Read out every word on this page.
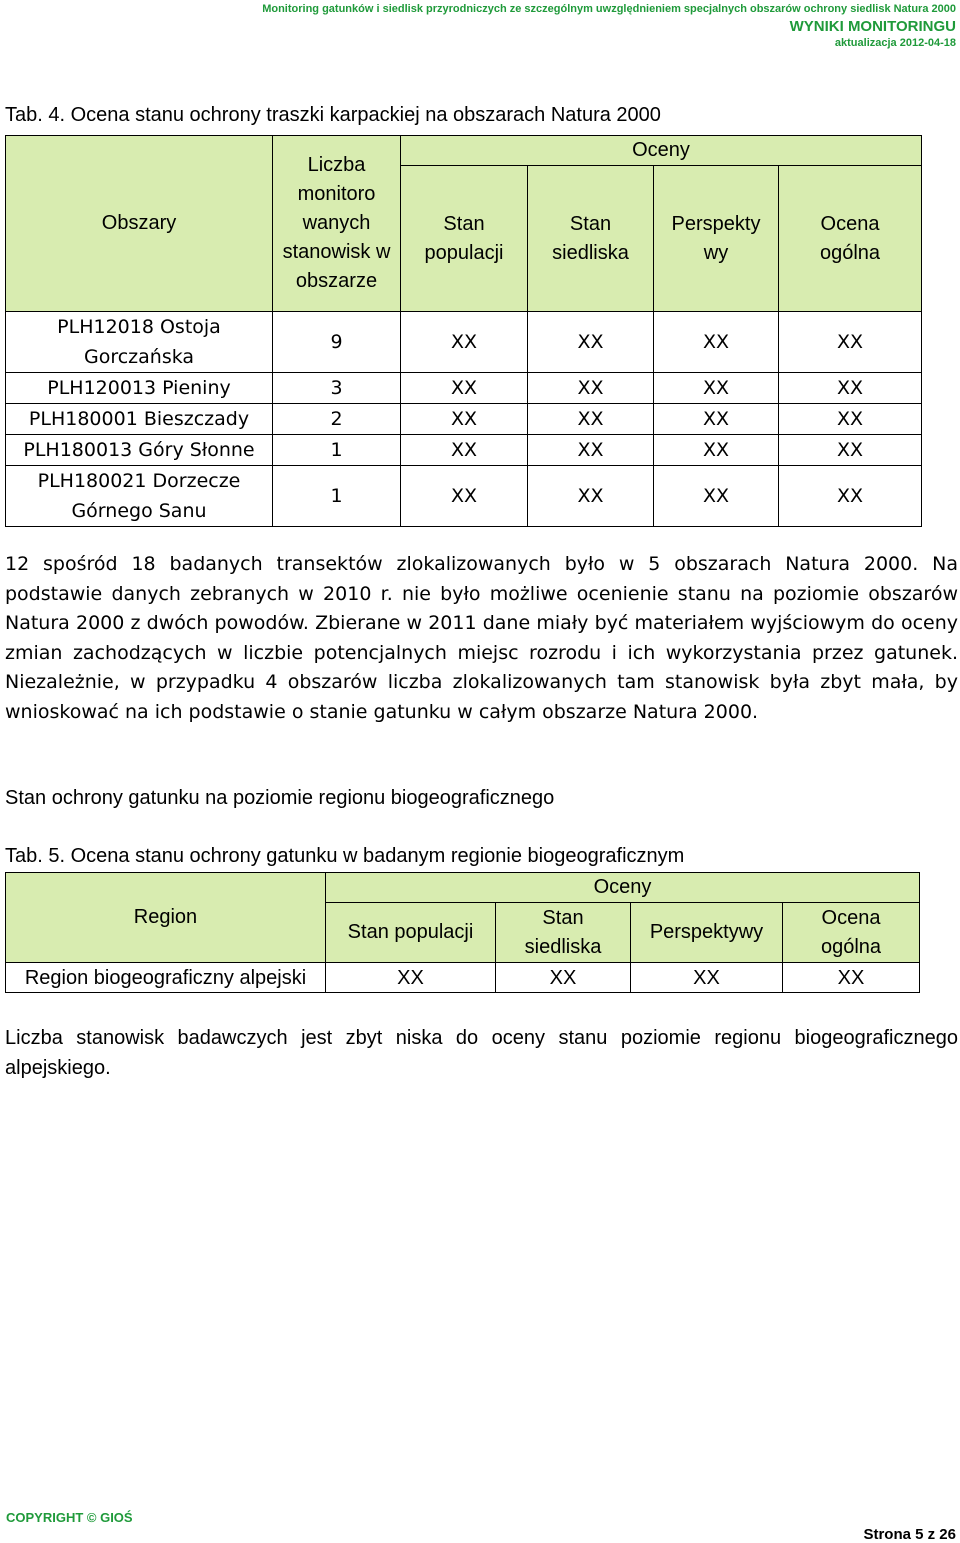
Monitoring gatunków i siedlisk przyrodniczych ze szczególnym uwzględnieniem specjalnych obszarów ochrony siedlisk Natura 2000
WYNIKI MONITORINGU
aktualizacja 2012-04-18
Tab. 4. Ocena stanu ochrony traszki karpackiej na obszarach Natura 2000
Obszary	Liczba monitoro wanych stanowisk w obszarze	Oceny			
		Stan populacji	Stan siedliska	Perspekty wy	Ocena ogólna
PLH12018 Ostoja Gorczańska	9	XX	XX	XX	XX
PLH120013 Pieniny	3	XX	XX	XX	XX
PLH180001 Bieszczady	2	XX	XX	XX	XX
PLH180013 Góry Słonne	1	XX	XX	XX	XX
PLH180021 Dorzecze Górnego Sanu	1	XX	XX	XX	XX
12 spośród 18 badanych transektów zlokalizowanych było w 5 obszarach Natura 2000. Na podstawie danych zebranych w 2010 r. nie było możliwe ocenienie stanu na poziomie obszarów Natura 2000 z dwóch powodów. Zbierane w 2011 dane miały być materiałem wyjściowym do oceny zmian zachodzących w liczbie potencjalnych miejsc rozrodu i ich wykorzystania przez gatunek. Niezależnie, w przypadku 4 obszarów liczba zlokalizowanych tam stanowisk była zbyt mała, by wnioskować na ich podstawie o stanie gatunku w całym obszarze Natura 2000.
Stan ochrony gatunku na poziomie regionu biogeograficznego
Tab. 5. Ocena stanu ochrony gatunku w badanym regionie biogeograficznym
Region	Oceny			
	Stan populacji	Stan siedliska	Perspektywy	Ocena ogólna
Region biogeograficzny alpejski	XX	XX	XX	XX
Liczba stanowisk badawczych jest zbyt niska do oceny stanu poziomie regionu biogeograficznego alpejskiego.
COPYRIGHT © GIOŚ
Strona 5 z 26
